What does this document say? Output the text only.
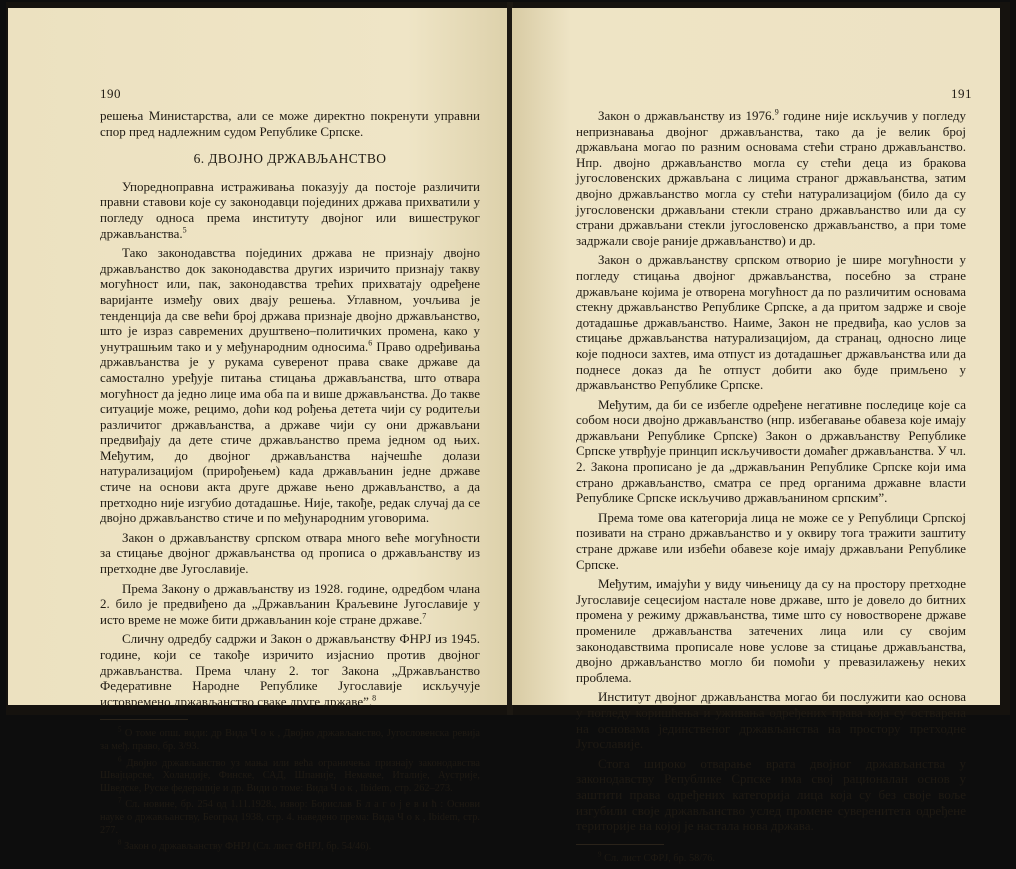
190

решења Министарства, али се може директно покренути управни спор пред надлежним судом Републике Српске.

6. ДВОЈНО ДРЖАВЉАНСТВО

Упоредноправна истраживања показују да постоје различити правни ставови које су законодавци појединих држава прихватили у погледу односа према институту двојног или вишеструког држављанства.$^5$

Тако законодавства појединих држава не признају двојно држављанство док законодавства других изричито признају такву могућност или, пак, законодавства трећих прихватају одређене варијанте између ових двају решења. Углавном, уочљива је тенденција да све већи број држава признаје двојно држављанство, што је израз савремених друштвено–политичких промена, како у унутрашњим тако и у међународним односима.$^6$ Право одређивања држављанства је у рукама суверенот права сваке државе да самостално уређује питања стицања држављанства, што отвара могућност да једно лице има оба па и више држављанства. До такве ситуације може, рецимо, доћи код рођења детета чији су родитељи различитог држављанства, а државе чији су они држављани предвиђају да дете стиче држављанство према једном од њих. Међутим, до двојног држављанства најчешће долази натурализацијом (прирођењем) када држављанин једне државе стиче на основи акта друге државе њено држављанство, а да претходно није изгубио дотадашње. Није, такође, редак случај да се двојно држављанство стиче и по међународним уговорима.

Закон о држављанству српском отвара много веће могућности за стицање двојног држављанства од прописа о држављанству из претходне две Југославије.

Према Закону о држављанству из 1928. године, одредбом члана 2. било је предвиђено да „Држављанин Краљевине Југославије у исто време не може бити држављанин које стране државе.$^7$

Сличну одредбу садржи и Закон о држављанству ФНРЈ из 1945. године, који се такође изричито изјаснио против двојног држављанства. Према члану 2. тог Закона „Држављанство Федеративне Народне Републике Југославије искључује истовремено држављанство сваке друге државе”.$^8$

$^5$ О томе опш. види: др Вида Ч о к , Двојно држављанство, Југословенска ревија за међ. право, бр. 3/93.

$^6$ Двојно држављанство уз мања или већа ограничења признају законодавства Швајцарске, Холандије, Финске, САД, Шпаније, Немачке, Италије, Аустрије, Шведске, Руске федерације и др. Види о томе: Вида Ч о к , Ibidem, стр. 262–273.

$^7$ Сл. новине, бр. 254 од 1.11.1928., извор: Борислав Б л а г о ј е в и ћ : Основи науке о држављанству, Београд 1938, стр. 4. наведено према: Вида Ч о к , Ibidem, стр. 277.

$^8$ Закон о држављанству ФНРЈ (Сл. лист ФНРЈ, бр. 54/46).

191

Закон о држављанству из 1976.$^9$ године није искључив у погледу непризнавања двојног држављанства, тако да је велик број држављана могао по разним основама стећи страно држављанство. Нпр. двојно држављанство могла су стећи деца из бракова југословенских држављана с лицима страног држављанства, затим двојно држављанство могла су стећи натурализацијом (било да су југословенски држављани стекли страно држављанство или да су страни држављани стекли југословенско држављанство, а при томе задржали своје раније држављанство) и др.

Закон о држављанству српском отворио је шире могућности у погледу стицања двојног држављанства, посебно за стране држављане којима је отворена могућност да по различитим основама стекну држављанство Републике Српске, а да притом задрже и своје дотадашње држављанство. Наиме, Закон не предвиђа, као услов за стицање држављанства натурализацијом, да странац, односно лице које подноси захтев, има отпуст из дотадашњег држављанства или да поднесе доказ да ће отпуст добити ако буде примљено у држављанство Републике Српске.

Међутим, да би се избегле одређене негативне последице које са собом носи двојно држављанство (нпр. избегавање обавеза које имају држављани Републике Српске) Закон о држављанству Републике Српске утврђује принцип искључивости домаћег држављанства. У чл. 2. Закона прописано је да „држављанин Републике Српске који има страно држављанство, сматра се пред органима државне власти Републике Српске искључиво држављанином српским”.

Према томе ова категорија лица не може се у Републици Српској позивати на страно држављанство и у оквиру тога тражити заштиту стране државе или избећи обавезе које имају држављани Републике Српске.

Међутим, имајући у виду чињеницу да су на простору претходне Југославије сецесијом настале нове државе, што је довело до битних промена у режиму држављанства, тиме што су новостворене државе промениле држављанства затечених лица или су својим законодавствима прописале нове услове за стицање држављанства, двојно држављанство могло би помоћи у превазилажењу неких проблема.

Институт двојног држављанства могао би послужити као основа у погледу коришћења и уживања одређених права која су остварена на основама јединственог држављанства на простору претходне Југославије.

Стога широко отварање врата двојног држављанства у законодавству Републике Српске има свој рационалан основ у заштити права одређених категорија лица која су без своје воље изгубили своје држављанство услед промене суверенитета одређене територије на којој је настала нова држава.

$^9$ Сл. лист СФРЈ, бр. 58/76.
